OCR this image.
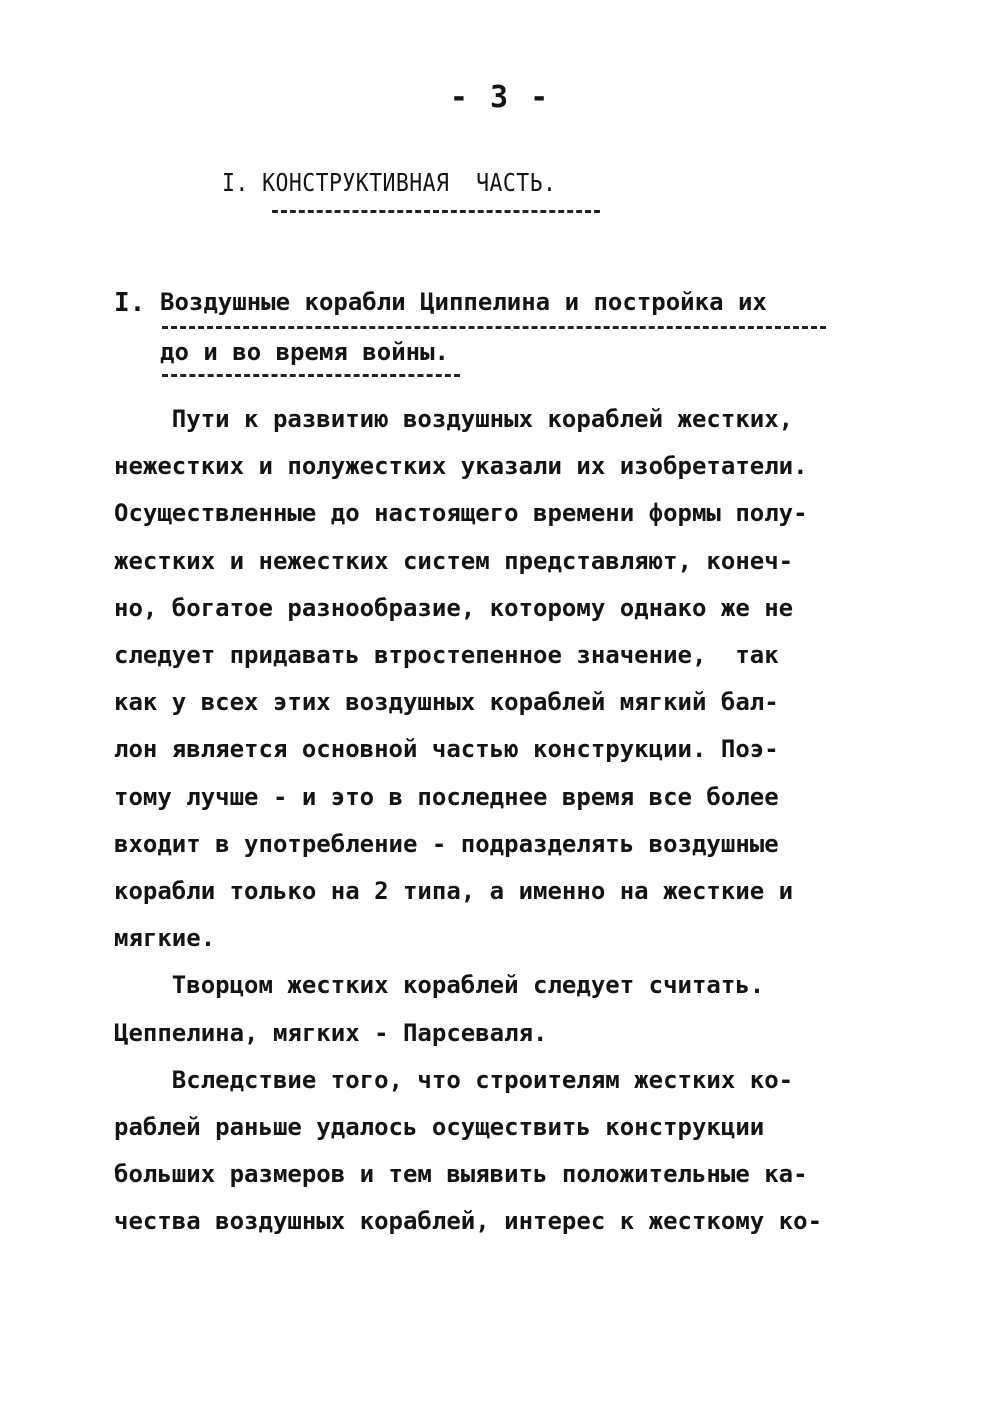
- 3 -
I. КОНСТРУКТИВНАЯ  ЧАСТЬ.
I. Воздушные корабли Циппелина и постройка их
до и во время войны.
Пути к развитию воздушных кораблей жестких,
нежестких и полужестких указали их изобретатели.
Осуществленные до настоящего времени формы полу-
жестких и нежестких систем представляют, конеч-
но, богатое разнообразие, которому однако же не
следует придавать втростепенное значение,  так
как у всех этих воздушных кораблей мягкий бал-
лон является основной частью конструкции. Поэ-
тому лучше - и это в последнее время все более
входит в употребление - подразделять воздушные
корабли только на 2 типа, а именно на жесткие и
мягкие.
Творцом жестких кораблей следует считать.
Цеппелина, мягких - Парсеваля.
Вследствие того, что строителям жестких ко-
раблей раньше удалось осуществить конструкции
больших размеров и тем выявить положительные ка-
чества воздушных кораблей, интерес к жесткому ко-
